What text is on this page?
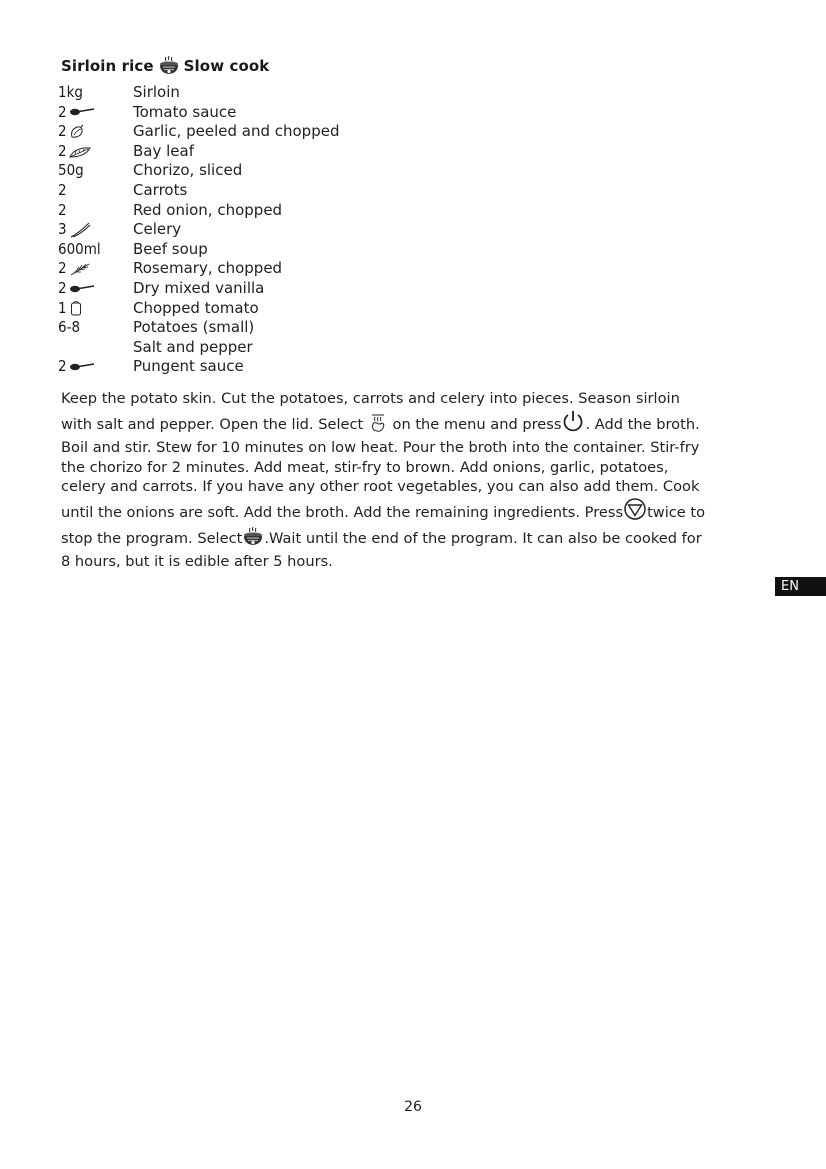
Sirloin rice Slow cook
1kg	Sirloin
2	Tomato sauce
2	Garlic, peeled and chopped
2	Bay leaf
50g	Chorizo, sliced
2	Carrots
2	Red onion, chopped
3	Celery
600ml Beef soup
2	Rosemary, chopped
2	Dry mixed vanilla
1	Chopped tomato
6-8	Potatoes (small)
Salt and pepper
2	Pungent sauce

Keep the potato skin. Cut the potatoes, carrots and celery into pieces. Season sirloin

with salt and pepper. Open the lid. Select on the menu and press . Add the broth.

Boil and stir. Stew for 10 minutes on low heat. Pour the broth into the container. Stir-fry

the chorizo for 2 minutes. Add meat, stir-fry to brown. Add onions, garlic, potatoes,

celery and carrots. If you have any other root vegetables, you can also add them. Cook

until the onions are soft. Add the broth. Add the remaining ingredients. Press twice to

stop the program. Select .Wait until the end of the program. It can also be cooked for

8 hours, but it is edible after 5 hours.

EN
26
